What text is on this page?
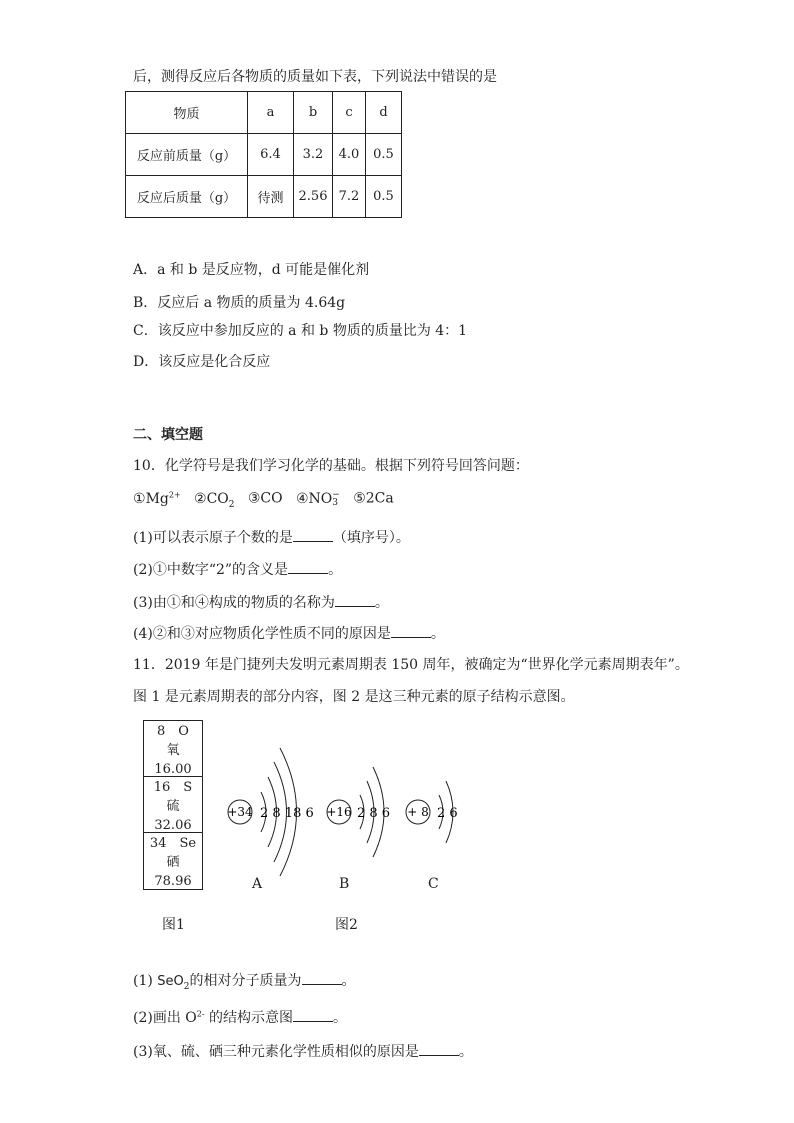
后，测得反应后各物质的质量如下表，下列说法中错误的是
物质	a	b	c	d
反应前质量（g）	6.4	3.2	4.0	0.5
反应后质量（g）	待测	2.56	7.2	0.5
A．a 和 b 是反应物，d 可能是催化剂
B．反应后 a 物质的质量为 4.64g
C．该反应中参加反应的 a 和 b 物质的质量比为 4：1
D．该反应是化合反应
二、填空题
10．化学符号是我们学习化学的基础。根据下列符号回答问题：
$①Mg^{2+}$ $②CO_2$ ③CO ④NO−
3 ⑤2Ca
(1)可以表示原子个数的是	（填序号）。
(2)①中数字“2”的含义是	。
(3)由①和④构成的物质的名称为	。
(4)②和③对应物质化学性质不同的原因是	。
11．2019 年是门捷列夫发明元素周期表 150 周年，被确定为“世界化学元素周期表年”。
图 1 是元素周期表的部分内容，图 2 是这三种元素的原子结构示意图。
8　O
氧
16.00
16　S
硫
32.06
34　Se
硒
78.96
+34 2 8 18 6 +16 2 8 6 + 8 2 6
A	B	C
图1	图2
(1) SeO$_2$的相对分子质量为	。
(2)画出 $O^{2-}$ 的结构示意图	。
(3)氧、硫、硒三种元素化学性质相似的原因是	。
